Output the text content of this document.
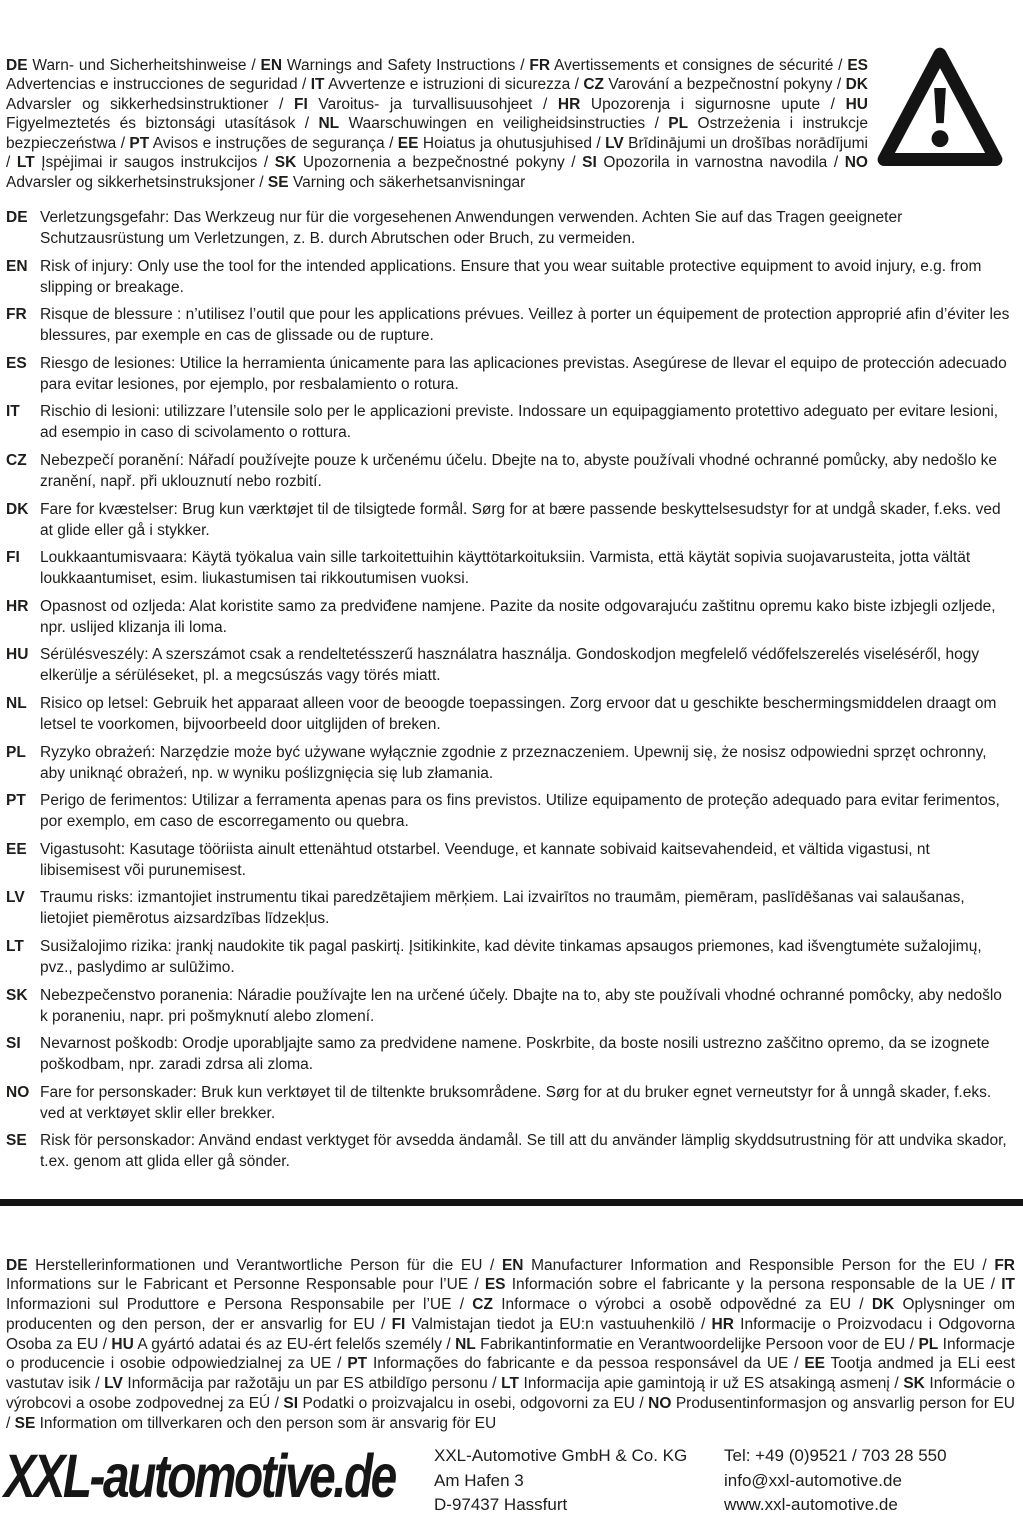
DE Warn- und Sicherheitshinweise / EN Warnings and Safety Instructions / FR Avertissements et consignes de sécurité / ES Advertencias e instrucciones de seguridad / IT Avvertenze e istruzioni di sicurezza / CZ Varování a bezpečnostní pokyny / DK Advarsler og sikkerhedsinstruktioner / FI Varoitus- ja turvallisuusohjeet / HR Upozorenja i sigurnosne upute / HU Figyelmeztetés és biztonsági utasítások / NL Waarschuwingen en veiligheidsinstructies / PL Ostrzeżenia i instrukcje bezpieczeństwa / PT Avisos e instruções de segurança / EE Hoiatus ja ohutusjuhised / LV Brīdinājumi un drošības norādījumi / LT Įspėjimai ir saugos instrukcijos / SK Upozornenia a bezpečnostné pokyny / SI Opozorila in varnostna navodila / NO Advarsler og sikkerhetsinstruksjoner / SE Varning och säkerhetsanvisningar

DE Verletzungsgefahr: Das Werkzeug nur für die vorgesehenen Anwendungen verwenden. Achten Sie auf das Tragen geeigneter Schutzausrüstung um Verletzungen, z. B. durch Abrutschen oder Bruch, zu vermeiden.
EN Risk of injury: Only use the tool for the intended applications. Ensure that you wear suitable protective equipment to avoid injury, e.g. from slipping or breakage.
FR Risque de blessure : n’utilisez l’outil que pour les applications prévues. Veillez à porter un équipement de protection approprié afin d’éviter les blessures, par exemple en cas de glissade ou de rupture.
ES Riesgo de lesiones: Utilice la herramienta únicamente para las aplicaciones previstas. Asegúrese de llevar el equipo de protección adecuado para evitar lesiones, por ejemplo, por resbalamiento o rotura.
IT	Rischio di lesioni: utilizzare l’utensile solo per le applicazioni previste. Indossare un equipaggiamento protettivo adeguato per evitare lesioni, ad esempio in caso di scivolamento o rottura.
CZ Nebezpečí poranění: Nářadí používejte pouze k určenému účelu. Dbejte na to, abyste používali vhodné ochranné pomůcky, aby nedošlo ke zranění, např. při uklouznutí nebo rozbití.
DK Fare for kvæstelser: Brug kun værktøjet til de tilsigtede formål. Sørg for at bære passende beskyttelsesudstyr for at undgå skader, f.eks. ved at glide eller gå i stykker.
FI	Loukkaantumisvaara: Käytä työkalua vain sille tarkoitettuihin käyttötarkoituksiin. Varmista, että käytät sopivia suojavarusteita, jotta vältät loukkaantumiset, esim. liukastumisen tai rikkoutumisen vuoksi.
HR Opasnost od ozljeda: Alat koristite samo za predviđene namjene. Pazite da nosite odgovarajuću zaštitnu opremu kako biste izbjegli ozljede, npr. uslijed klizanja ili loma.
HU Sérülésveszély: A szerszámot csak a rendeltetésszerű használatra használja. Gondoskodjon megfelelő védőfelszerelés viseléséről, hogy elkerülje a sérüléseket, pl. a megcsúszás vagy törés miatt.
NL Risico op letsel: Gebruik het apparaat alleen voor de beoogde toepassingen. Zorg ervoor dat u geschikte beschermingsmiddelen draagt om letsel te voorkomen, bijvoorbeeld door uitglijden of breken.
PL Ryzyko obrażeń: Narzędzie może być używane wyłącznie zgodnie z przeznaczeniem. Upewnij się, że nosisz odpowiedni sprzęt ochronny, aby uniknąć obrażeń, np. w wyniku poślizgnięcia się lub złamania.
PT Perigo de ferimentos: Utilizar a ferramenta apenas para os fins previstos. Utilize equipamento de proteção adequado para evitar ferimentos, por exemplo, em caso de escorregamento ou quebra.
EE Vigastusoht: Kasutage tööriista ainult ettenähtud otstarbel. Veenduge, et kannate sobivaid kaitsevahendeid, et vältida vigastusi, nt libisemisest või purunemisest.
LV Traumu risks: izmantojiet instrumentu tikai paredzētajiem mērķiem. Lai izvairītos no traumām, piemēram, paslīdēšanas vai salaušanas, lietojiet piemērotus aizsardzības līdzekļus.
LT	Susižalojimo rizika: įrankį naudokite tik pagal paskirtį. Įsitikinkite, kad dėvite tinkamas apsaugos priemones, kad išvengtumėte sužalojimų, pvz., paslydimo ar sulūžimo.
SK Nebezpečenstvo poranenia: Náradie používajte len na určené účely. Dbajte na to, aby ste používali vhodné ochranné pomôcky, aby nedošlo k poraneniu, napr. pri pošmyknutí alebo zlomení.
SI	Nevarnost poškodb: Orodje uporabljajte samo za predvidene namene. Poskrbite, da boste nosili ustrezno zaščitno opremo, da se izognete poškodbam, npr. zaradi zdrsa ali zloma.
NO Fare for personskader: Bruk kun verktøyet til de tiltenkte bruksområdene. Sørg for at du bruker egnet verneutstyr for å unngå skader, f.eks. ved at verktøyet sklir eller brekker.
SE Risk för personskador: Använd endast verktyget för avsedda ändamål. Se till att du använder lämplig skyddsutrustning för att undvika skador, t.ex. genom att glida eller gå sönder.

DE Herstellerinformationen und Verantwortliche Person für die EU / EN Manufacturer Information and Responsible Person for the EU / FR Informations sur le Fabricant et Personne Responsable pour l’UE / ES Información sobre el fabricante y la persona responsable de la UE / IT Informazioni sul Produttore e Persona Responsabile per l’UE / CZ Informace o výrobci a osobě odpovědné za EU / DK Oplysninger om producenten og den person, der er ansvarlig for EU / FI Valmistajan tiedot ja EU:n vastuuhenkilö / HR Informacije o Proizvodacu i Odgovorna Osoba za EU / HU A gyártó adatai és az EU-ért felelős személy / NL Fabrikantinformatie en Verantwoordelijke Persoon voor de EU / PL Informacje o producencie i osobie odpowiedzialnej za UE / PT Informações do fabricante e da pessoa responsável da UE / EE Tootja andmed ja ELi eest vastutav isik / LV Informācija par ražotāju un par ES atbildīgo personu / LT Informacija apie gamintoją ir už ES atsakingą asmenį / SK Informácie o výrobcovi a osobe zodpovednej za EÚ / SI Podatki o proizvajalcu in osebi, odgovorni za EU / NO Produsentinformasjon og ansvarlig person for EU / SE Information om tillverkaren och den person som är ansvarig för EU

XXL-automotive.de XXL-Automotive GmbH & Co. KG
Am Hafen 3
D-97437 Hassfurt
Tel: +49 (0)9521 / 703 28 550
info@xxl-automotive.de
www.xxl-automotive.de
